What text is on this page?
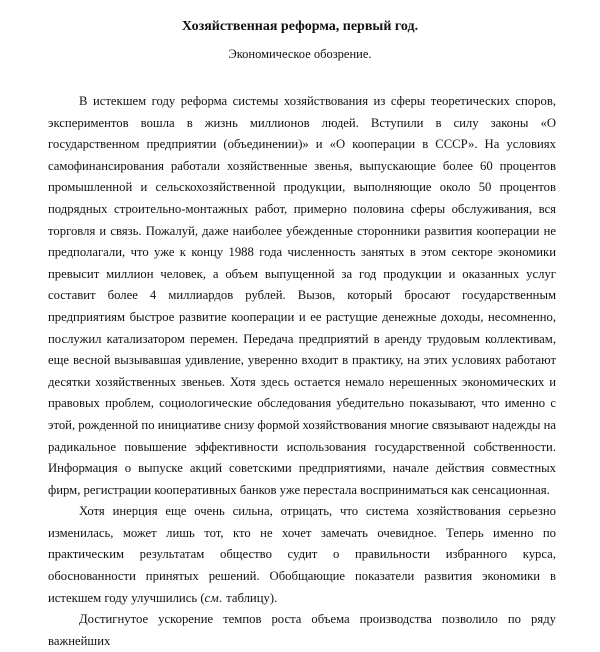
Хозяйственная реформа, первый год.
Экономическое обозрение.

В истекшем году реформа системы хозяйствования из сферы теоретических споров, экспериментов вошла в жизнь миллионов людей. Вступили в силу законы «О государственном предприятии (объединении)» и «О кооперации в СССР». На условиях самофинансирования работали хозяйственные звенья, выпускающие более 60 процентов промышленной и сельскохозяйственной продукции, выполняющие около 50 процентов подрядных строительно-монтажных работ, примерно половина сферы обслуживания, вся торговля и связь. Пожалуй, даже наиболее убежденные сторонники развития кооперации не предполагали, что уже к концу 1988 года численность занятых в этом секторе экономики превысит миллион человек, а объем выпущенной за год продукции и оказанных услуг составит более 4 миллиардов рублей. Вызов, который бросают государственным предприятиям быстрое развитие кооперации и ее растущие денежные доходы, несомненно, послужил катализатором перемен. Передача предприятий в аренду трудовым коллективам, еще весной вызывавшая удивление, уверенно входит в практику, на этих условиях работают десятки хозяйственных звеньев. Хотя здесь остается немало нерешенных экономических и правовых проблем, социологические обследования убедительно показывают, что именно с этой, рожденной по инициативе снизу формой хозяйствования многие связывают надежды на радикальное повышение эффективности использования государственной собственности. Информация о выпуске акций советскими предприятиями, начале действия совместных фирм, регистрации кооперативных банков уже перестала восприниматься как сенсационная.

Хотя инерция еще очень сильна, отрицать, что система хозяйствования серьезно изменилась, может лишь тот, кто не хочет замечать очевидное. Теперь именно по практическим результатам общество судит о правильности избранного курса, обоснованности принятых решений. Обобщающие показатели развития экономики в истекшем году улучшились (см. таблицу).

Достигнутое ускорение темпов роста объема производства позволило по ряду важнейших
